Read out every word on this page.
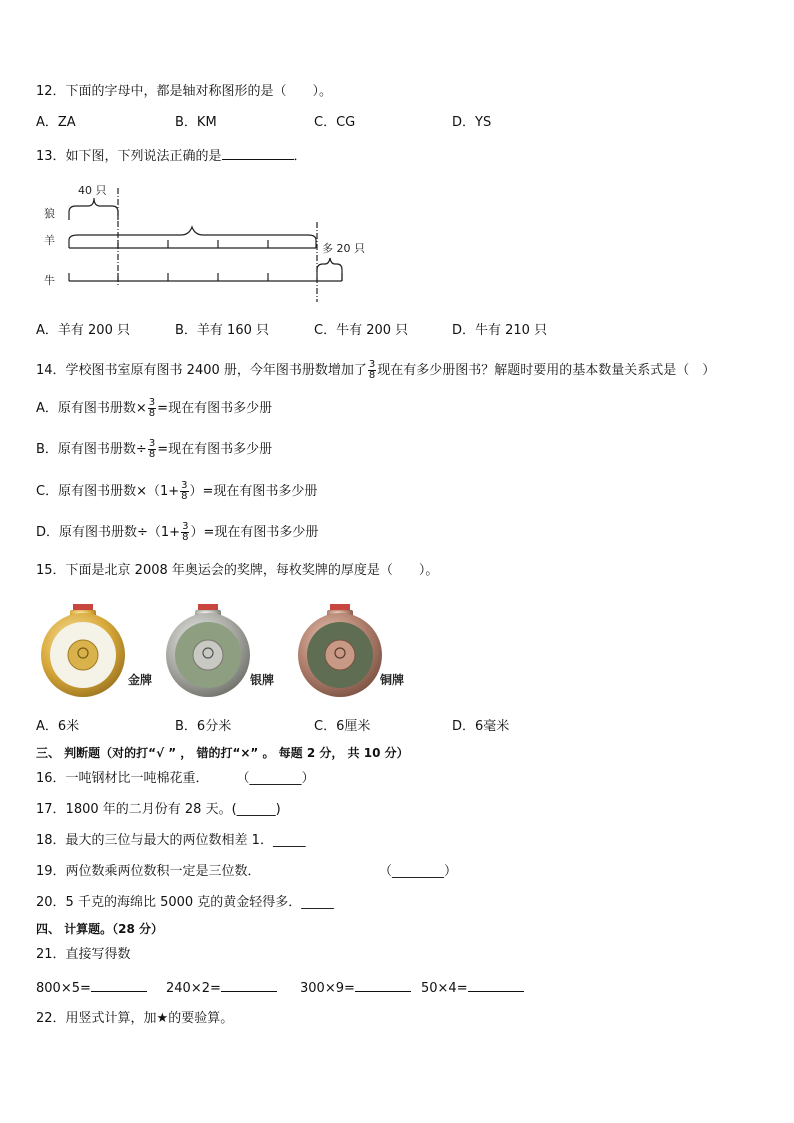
12．下面的字母中，都是轴对称图形的是（　　）。
A．ZA	B．KM	C．CG	D．YS
13．如下图，下列说法正确的是	．
狼
羊
牛
40 只
多 20 只
A．羊有 200 只	B．羊有 160 只	C．牛有 200 只	D．牛有 210 只
14．学校图书室原有图书 2400 册，今年图书册数增加了 $\frac{3}{8}$ 现在有多少册图书？解题时要用的基本数量关系式是（　）
A．原有图书册数× $\frac{3}{8}$ =现在有图书多少册
B．原有图书册数÷ $\frac{3}{8}$ =现在有图书多少册
C．原有图书册数$\times(1+ \frac{3}{8}$ ）=现在有图书多少册
D．原有图书册数$\div(1+ \frac{3}{8}$ ）=现在有图书多少册
15．下面是北京 2008 年奥运会的奖牌，每枚奖牌的厚度是（　　）。
金牌	银牌	铜牌
A．6米	B．6分米	C．6厘米	D．6毫米
三、 判断题（对的打“√ ” ， 错的打“×” 。 每题 2 分， 共 10 分）
16．一吨钢材比一吨棉花重． （________）
17．1800 年的二月份有 28 天。(______)
18．最大的三位与最大的两位数相差 1．_____
19．两位数乘两位数积一定是三位数．	（________）
20．5 千克的海绵比 5000 克的黄金轻得多．_____
四、 计算题。（28 分）
21．直接写得数
800×5=	240×2=	300×9=	50×4=
22．用竖式计算，加★的要验算。
